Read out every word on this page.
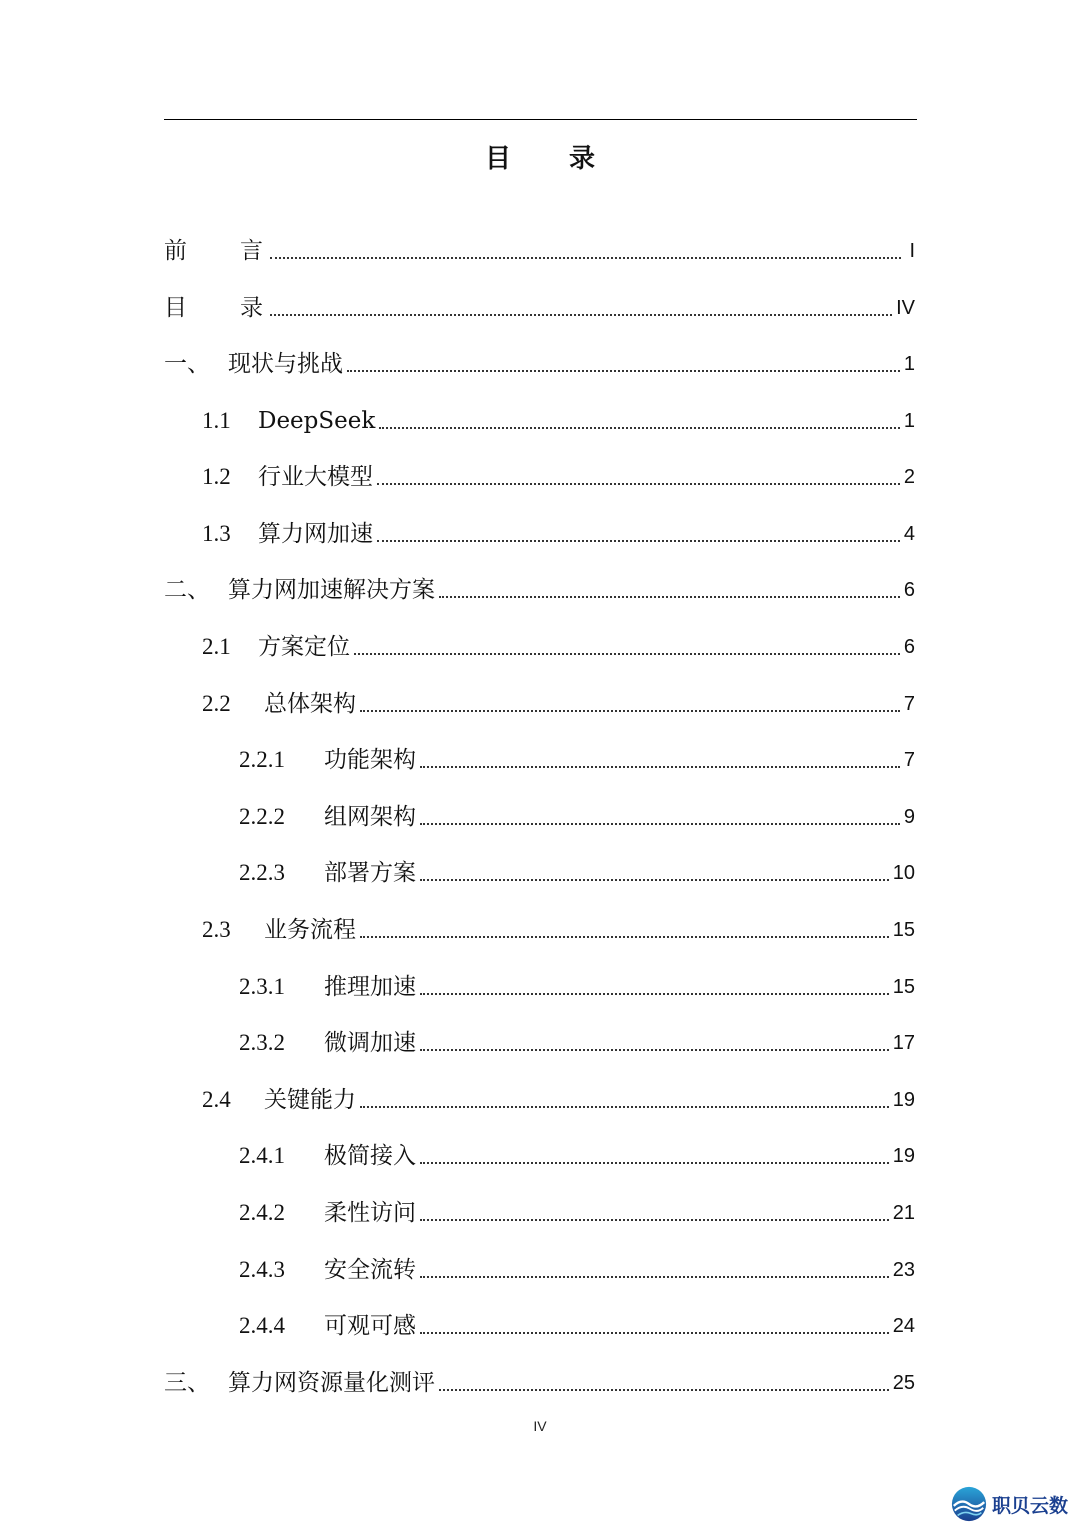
目 录
前 言	I
目 录	IV
一、 现状与挑战	1
1.1	DeepSeek	1
1.2	行业大模型	2
1.3	算力网加速	4
二、 算力网加速解决方案	6
2.1	方案定位	6
2.2	总体架构	7
2.2.1	功能架构	7
2.2.2	组网架构	9
2.2.3	部署方案	10
2.3	业务流程	15
2.3.1	推理加速	15
2.3.2	微调加速	17
2.4	关键能力	19
2.4.1	极简接入	19
2.4.2	柔性访问	21
2.4.3	安全流转	23
2.4.4	可观可感	24
三、 算力网资源量化测评	25
IV
职贝云数
